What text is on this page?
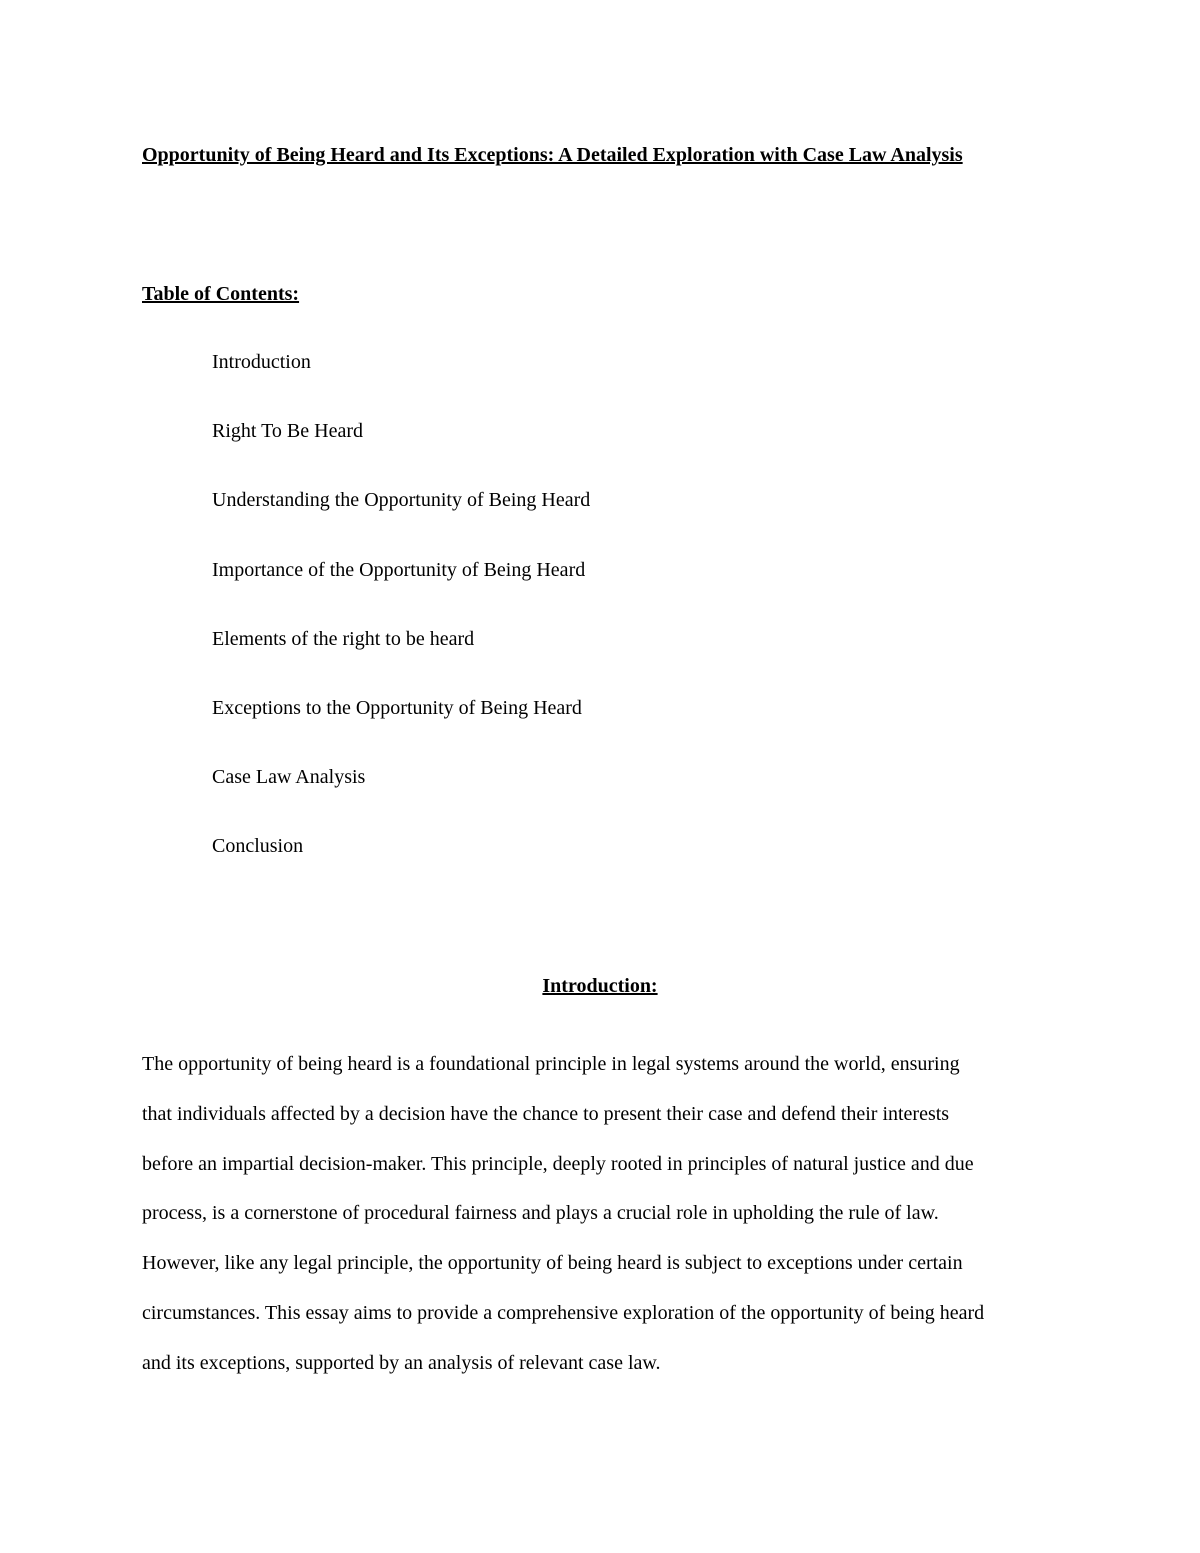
Opportunity of Being Heard and Its Exceptions: A Detailed Exploration with Case Law Analysis
Table of Contents:
Introduction
Right To Be Heard
Understanding the Opportunity of Being Heard
Importance of the Opportunity of Being Heard
Elements of the right to be heard
Exceptions to the Opportunity of Being Heard
Case Law Analysis
Conclusion
Introduction:

The opportunity of being heard is a foundational principle in legal systems around the world, ensuring
that individuals affected by a decision have the chance to present their case and defend their interests
before an impartial decision-maker. This principle, deeply rooted in principles of natural justice and due
process, is a cornerstone of procedural fairness and plays a crucial role in upholding the rule of law.
However, like any legal principle, the opportunity of being heard is subject to exceptions under certain
circumstances. This essay aims to provide a comprehensive exploration of the opportunity of being heard
and its exceptions, supported by an analysis of relevant case law.
